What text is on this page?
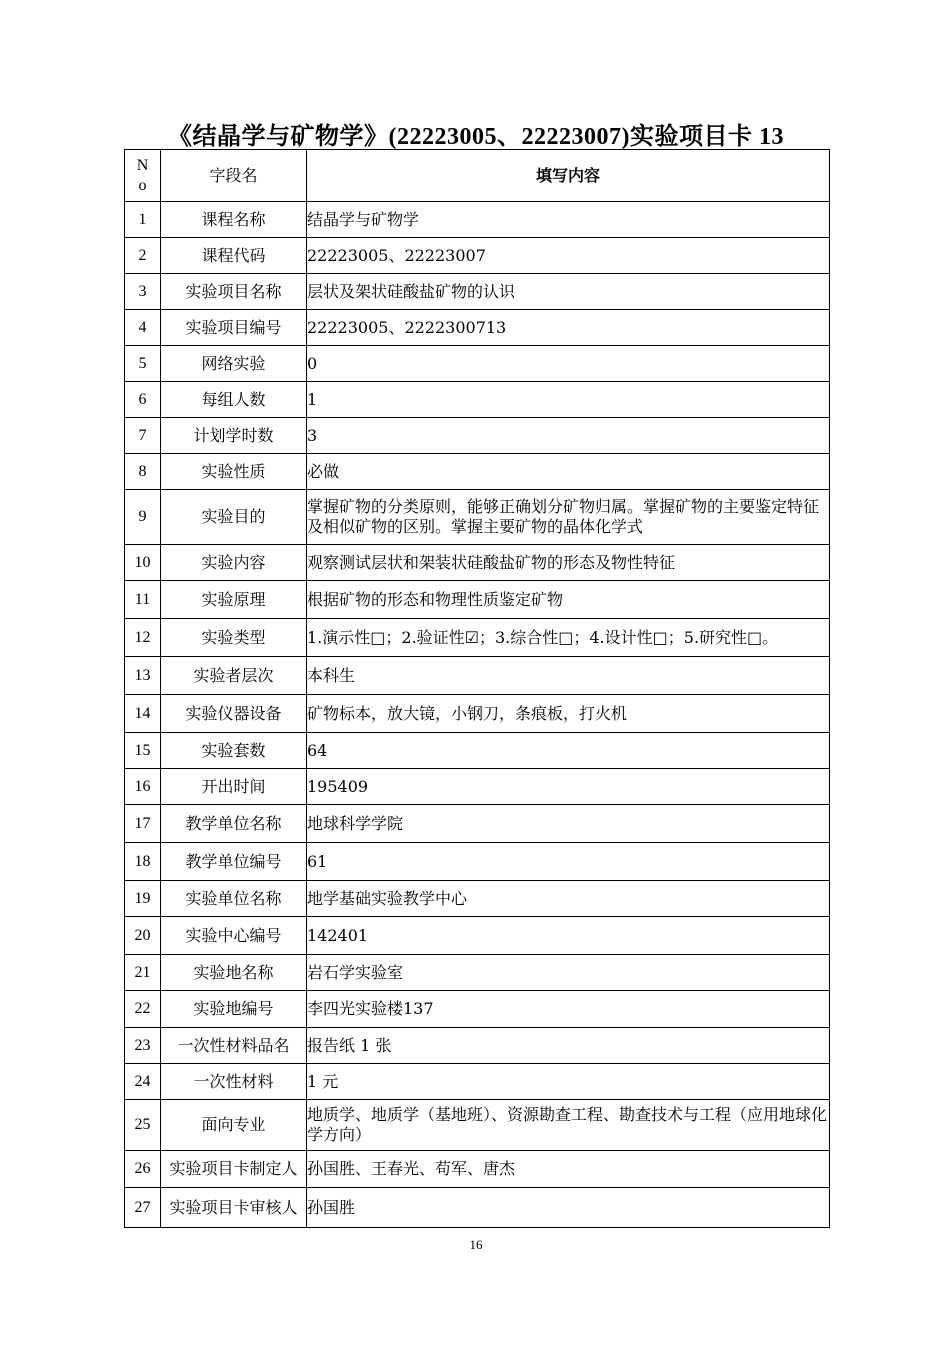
《结晶学与矿物学》(22223005、22223007)实验项目卡 13
N
o	字段名	填写内容
1	课程名称	结晶学与矿物学
2	课程代码	22223005、22223007
3	实验项目名称	层状及架状硅酸盐矿物的认识
4	实验项目编号	22223005、2222300713
5	网络实验	0
6	每组人数	1
7	计划学时数	3
8	实验性质	必做
9	实验目的	掌握矿物的分类原则，能够正确划分矿物归属。掌握矿物的主要鉴定特征及相似矿物的区别。掌握主要矿物的晶体化学式
10	实验内容	观察测试层状和架装状硅酸盐矿物的形态及物性特征
11	实验原理	根据矿物的形态和物理性质鉴定矿物
12	实验类型	1.演示性□；2.验证性☑；3.综合性□；4.设计性□；5.研究性□。
13	实验者层次	本科生
14	实验仪器设备	矿物标本，放大镜，小钢刀，条痕板，打火机
15	实验套数	64
16	开出时间	195409
17	教学单位名称	地球科学学院
18	教学单位编号	61
19	实验单位名称	地学基础实验教学中心
20	实验中心编号	142401
21	实验地名称	岩石学实验室
22	实验地编号	李四光实验楼137
23	一次性材料品名	报告纸 1 张
24	一次性材料	1 元
25	面向专业	地质学、地质学（基地班）、资源勘查工程、勘查技术与工程（应用地球化学方向）
26	实验项目卡制定人	孙国胜、王春光、苟军、唐杰
27	实验项目卡审核人	孙国胜
16
